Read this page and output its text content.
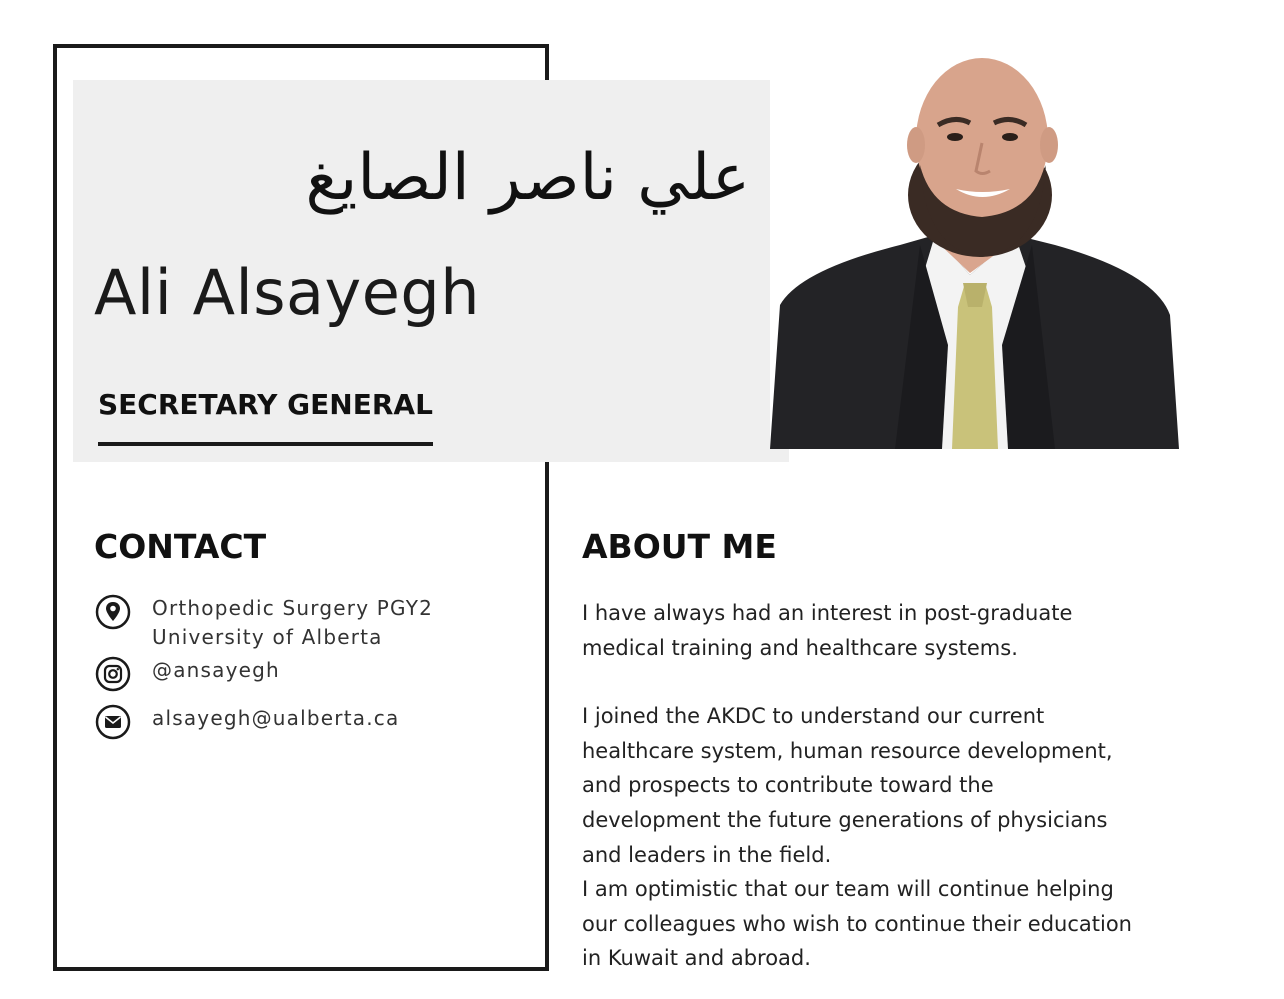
علي ناصر الصايغ
Ali Alsayegh
SECRETARY GENERAL
CONTACT
Orthopedic Surgery PGY2
University of Alberta
@ansayegh
alsayegh@ualberta.ca
ABOUT ME

I have always had an interest in post-graduate

medical training and healthcare systems.

I joined the AKDC to understand our current

healthcare system, human resource development,

and prospects to contribute toward the

development the future generations of physicians

and leaders in the field.

I am optimistic that our team will continue helping

our colleagues who wish to continue their education

in Kuwait and abroad.
